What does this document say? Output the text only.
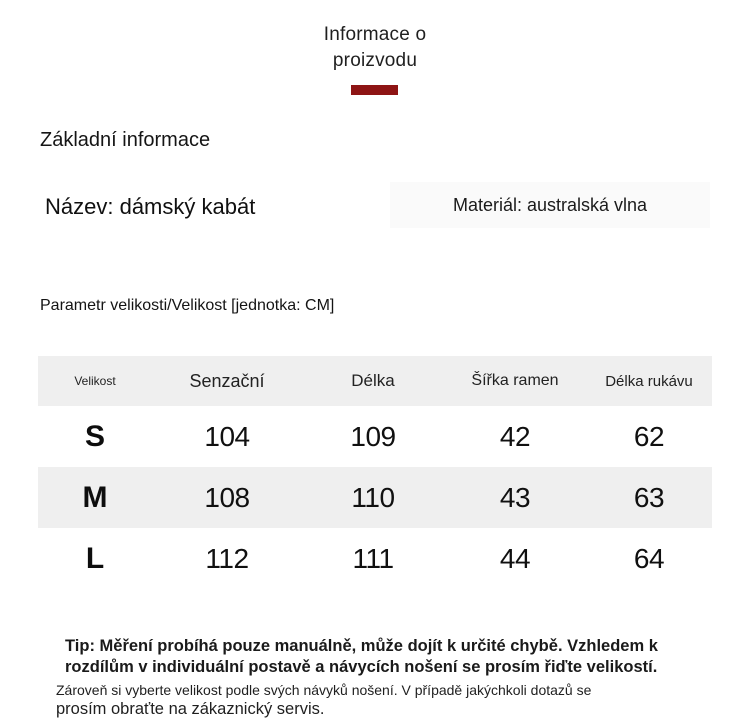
Informace o
proizvodu
Základní informace
Název: dámský kabát	Materiál: australská vlna
Parametr velikosti/Velikost [jednotka: CM]
Velikost	Senzační	Délka	Šířka ramen	Délka rukávu
S	104	109	42	62
M	108	110	43	63
L	112	111	44	64
Tip: Měření probíhá pouze manuálně, může dojít k určité chybě. Vzhledem k
rozdílům v individuální postavě a návycích nošení se prosím řiďte velikostí.
Zároveň si vyberte velikost podle svých návyků nošení. V případě jakýchkoli dotazů se
prosím obraťte na zákaznický servis.
